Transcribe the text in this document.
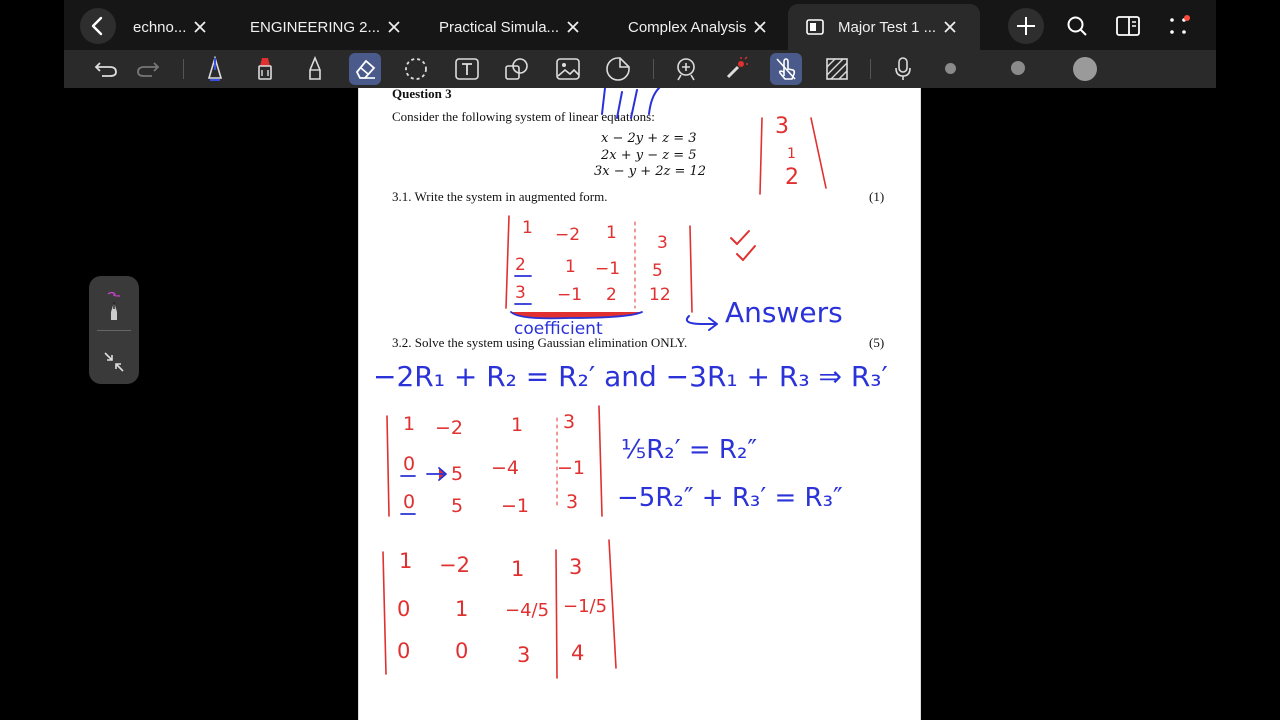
echno...	ENGINEERING 2...	Practical Simula...	Complex Analysis	Major Test 1 ...
Question 3
Consider the following system of linear equations:
x − 2y + z = 3
2x + y − z = 5
3x − y + 2z = 12
3.1. Write the system in augmented form.	(1)
3.2. Solve the system using Gaussian elimination ONLY.	(5)
3
1
2
1 −2 1 3
2 1 −1 5
3 −1 2 12
coefficient	Answers
−2R₁ + R₂ = R₂′ and −3R₁ + R₃ ⇒ R₃′
1 −2	1 3
0 5 −4 −1
0 5 −1 3
⅕R₂′ = R₂″
−5R₂″ + R₃′ = R₃″
1 −2 1 3
0 1 −4/5 −1/5
0 0 3 4
